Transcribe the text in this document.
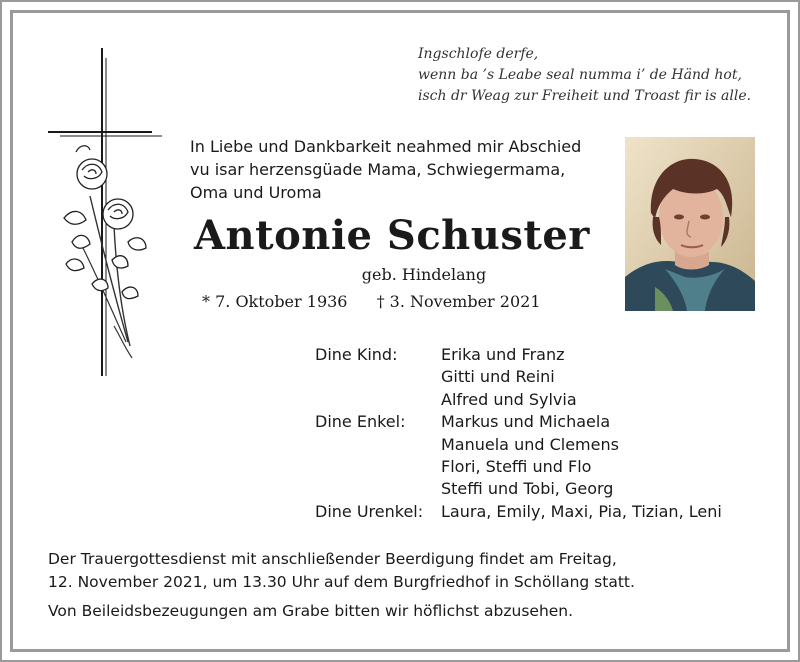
Ingschlofe derfe,
wenn ba ’s Leabe seal numma i’ de Händ hot,
isch dr Weag zur Freiheit und Troast fir is alle.
In Liebe und Dankbarkeit neahmed mir Abschied
vu isar herzensgüade Mama, Schwiegermama,
Oma und Uroma
Antonie Schuster
geb. Hindelang
* 7. Oktober 1936 † 3. November 2021
Dine Kind:	Erika und Franz
Gitti und Reini
Alfred und Sylvia
Dine Enkel:	Markus und Michaela
Manuela und Clemens
Flori, Steffi und Flo
Steffi und Tobi, Georg
Dine Urenkel:	Laura, Emily, Maxi, Pia, Tizian, Leni
Der Trauergottesdienst mit anschließender Beerdigung findet am Freitag,
12. November 2021, um 13.30 Uhr auf dem Burgfriedhof in Schöllang statt.
Von Beileidsbezeugungen am Grabe bitten wir höflichst abzusehen.
